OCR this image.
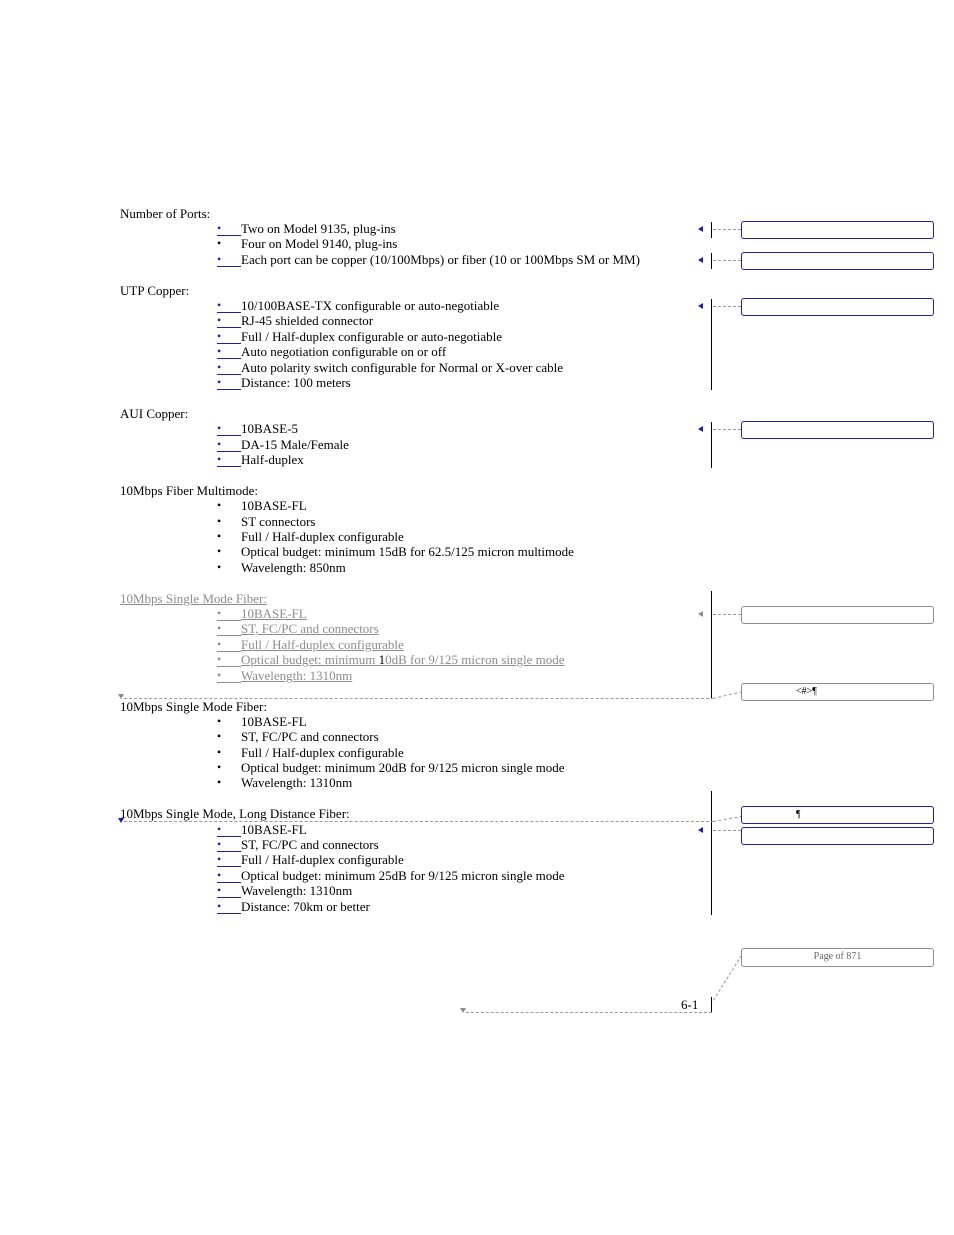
Number of Ports:
•	Two on Model 9135, plug-ins
•	Four on Model 9140, plug-ins
•	Each port can be copper (10/100Mbps) or fiber (10 or 100Mbps SM or MM)
UTP Copper:
•	10/100BASE-TX configurable or auto-negotiable
•	RJ-45 shielded connector
•	Full / Half-duplex configurable or auto-negotiable
•	Auto negotiation configurable on or off
•	Auto polarity switch configurable for Normal or X-over cable
•	Distance: 100 meters
AUI Copper:
•	10BASE-5
•	DA-15 Male/Female
•	Half-duplex
10Mbps Fiber Multimode:
•	10BASE-FL
•	ST connectors
•	Full / Half-duplex configurable
•	Optical budget: minimum 15dB for 62.5/125 micron multimode
•	Wavelength: 850nm
10Mbps Single Mode Fiber:
•	10BASE-FL
•	ST, FC/PC and connectors
•	Full / Half-duplex configurable
•	Optical budget: minimum 10dB for 9/125 micron single mode
•	Wavelength: 1310nm
10Mbps Single Mode Fiber:
•	10BASE-FL
•	ST, FC/PC and connectors
•	Full / Half-duplex configurable
•	Optical budget: minimum 20dB for 9/125 micron single mode
•	Wavelength: 1310nm
10Mbps Single Mode, Long Distance Fiber:
•	10BASE-FL
•	ST, FC/PC and connectors
•	Full / Half-duplex configurable
•	Optical budget: minimum 25dB for 9/125 micron single mode
•	Wavelength: 1310nm
•	Distance: 70km or better
<#>¶
¶
Page of 871
6-1
